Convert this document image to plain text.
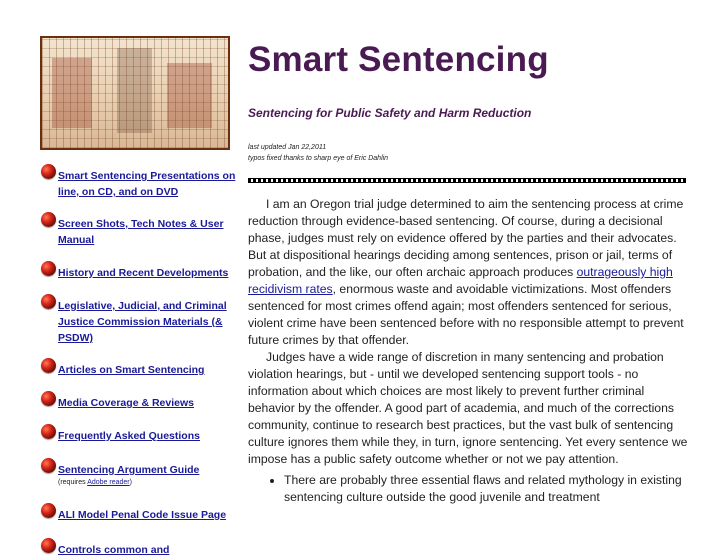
Smart Sentencing Presentations on line, on CD, and on DVD
Screen Shots, Tech Notes & User Manual
History and Recent Developments
Legislative, Judicial, and Criminal Justice Commission Materials (& PSDW)
Articles on Smart Sentencing
Media Coverage & Reviews
Frequently Asked Questions
Sentencing Argument Guide
(requires Adobe reader)
ALI Model Penal Code Issue Page
Controls common and
Smart Sentencing
Sentencing for Public Safety and Harm Reduction
last updated Jan 22,2011
typos fixed thanks to sharp eye of Eric Dahlin

I am an Oregon trial judge determined to aim the sentencing process at crime reduction through evidence-based sentencing. Of course, during a decisional phase, judges must rely on evidence offered by the parties and their advocates. But at dispositional hearings deciding among sentences, prison or jail, terms of probation, and the like, our often archaic approach produces outrageously high recidivism rates, enormous waste and avoidable victimizations. Most offenders sentenced for most crimes offend again; most offenders sentenced for serious, violent crime have been sentenced before with no responsible attempt to prevent future crimes by that offender.

Judges have a wide range of discretion in many sentencing and probation violation hearings, but - until we developed sentencing support tools - no information about which choices are most likely to prevent further criminal behavior by the offender. A good part of academia, and much of the corrections community, continue to research best practices, but the vast bulk of sentencing culture ignores them while they, in turn, ignore sentencing. Yet every sentence we impose has a public safety outcome whether or not we pay attention.

• There are probably three essential flaws and related mythology in existing sentencing culture outside the good juvenile and treatment
